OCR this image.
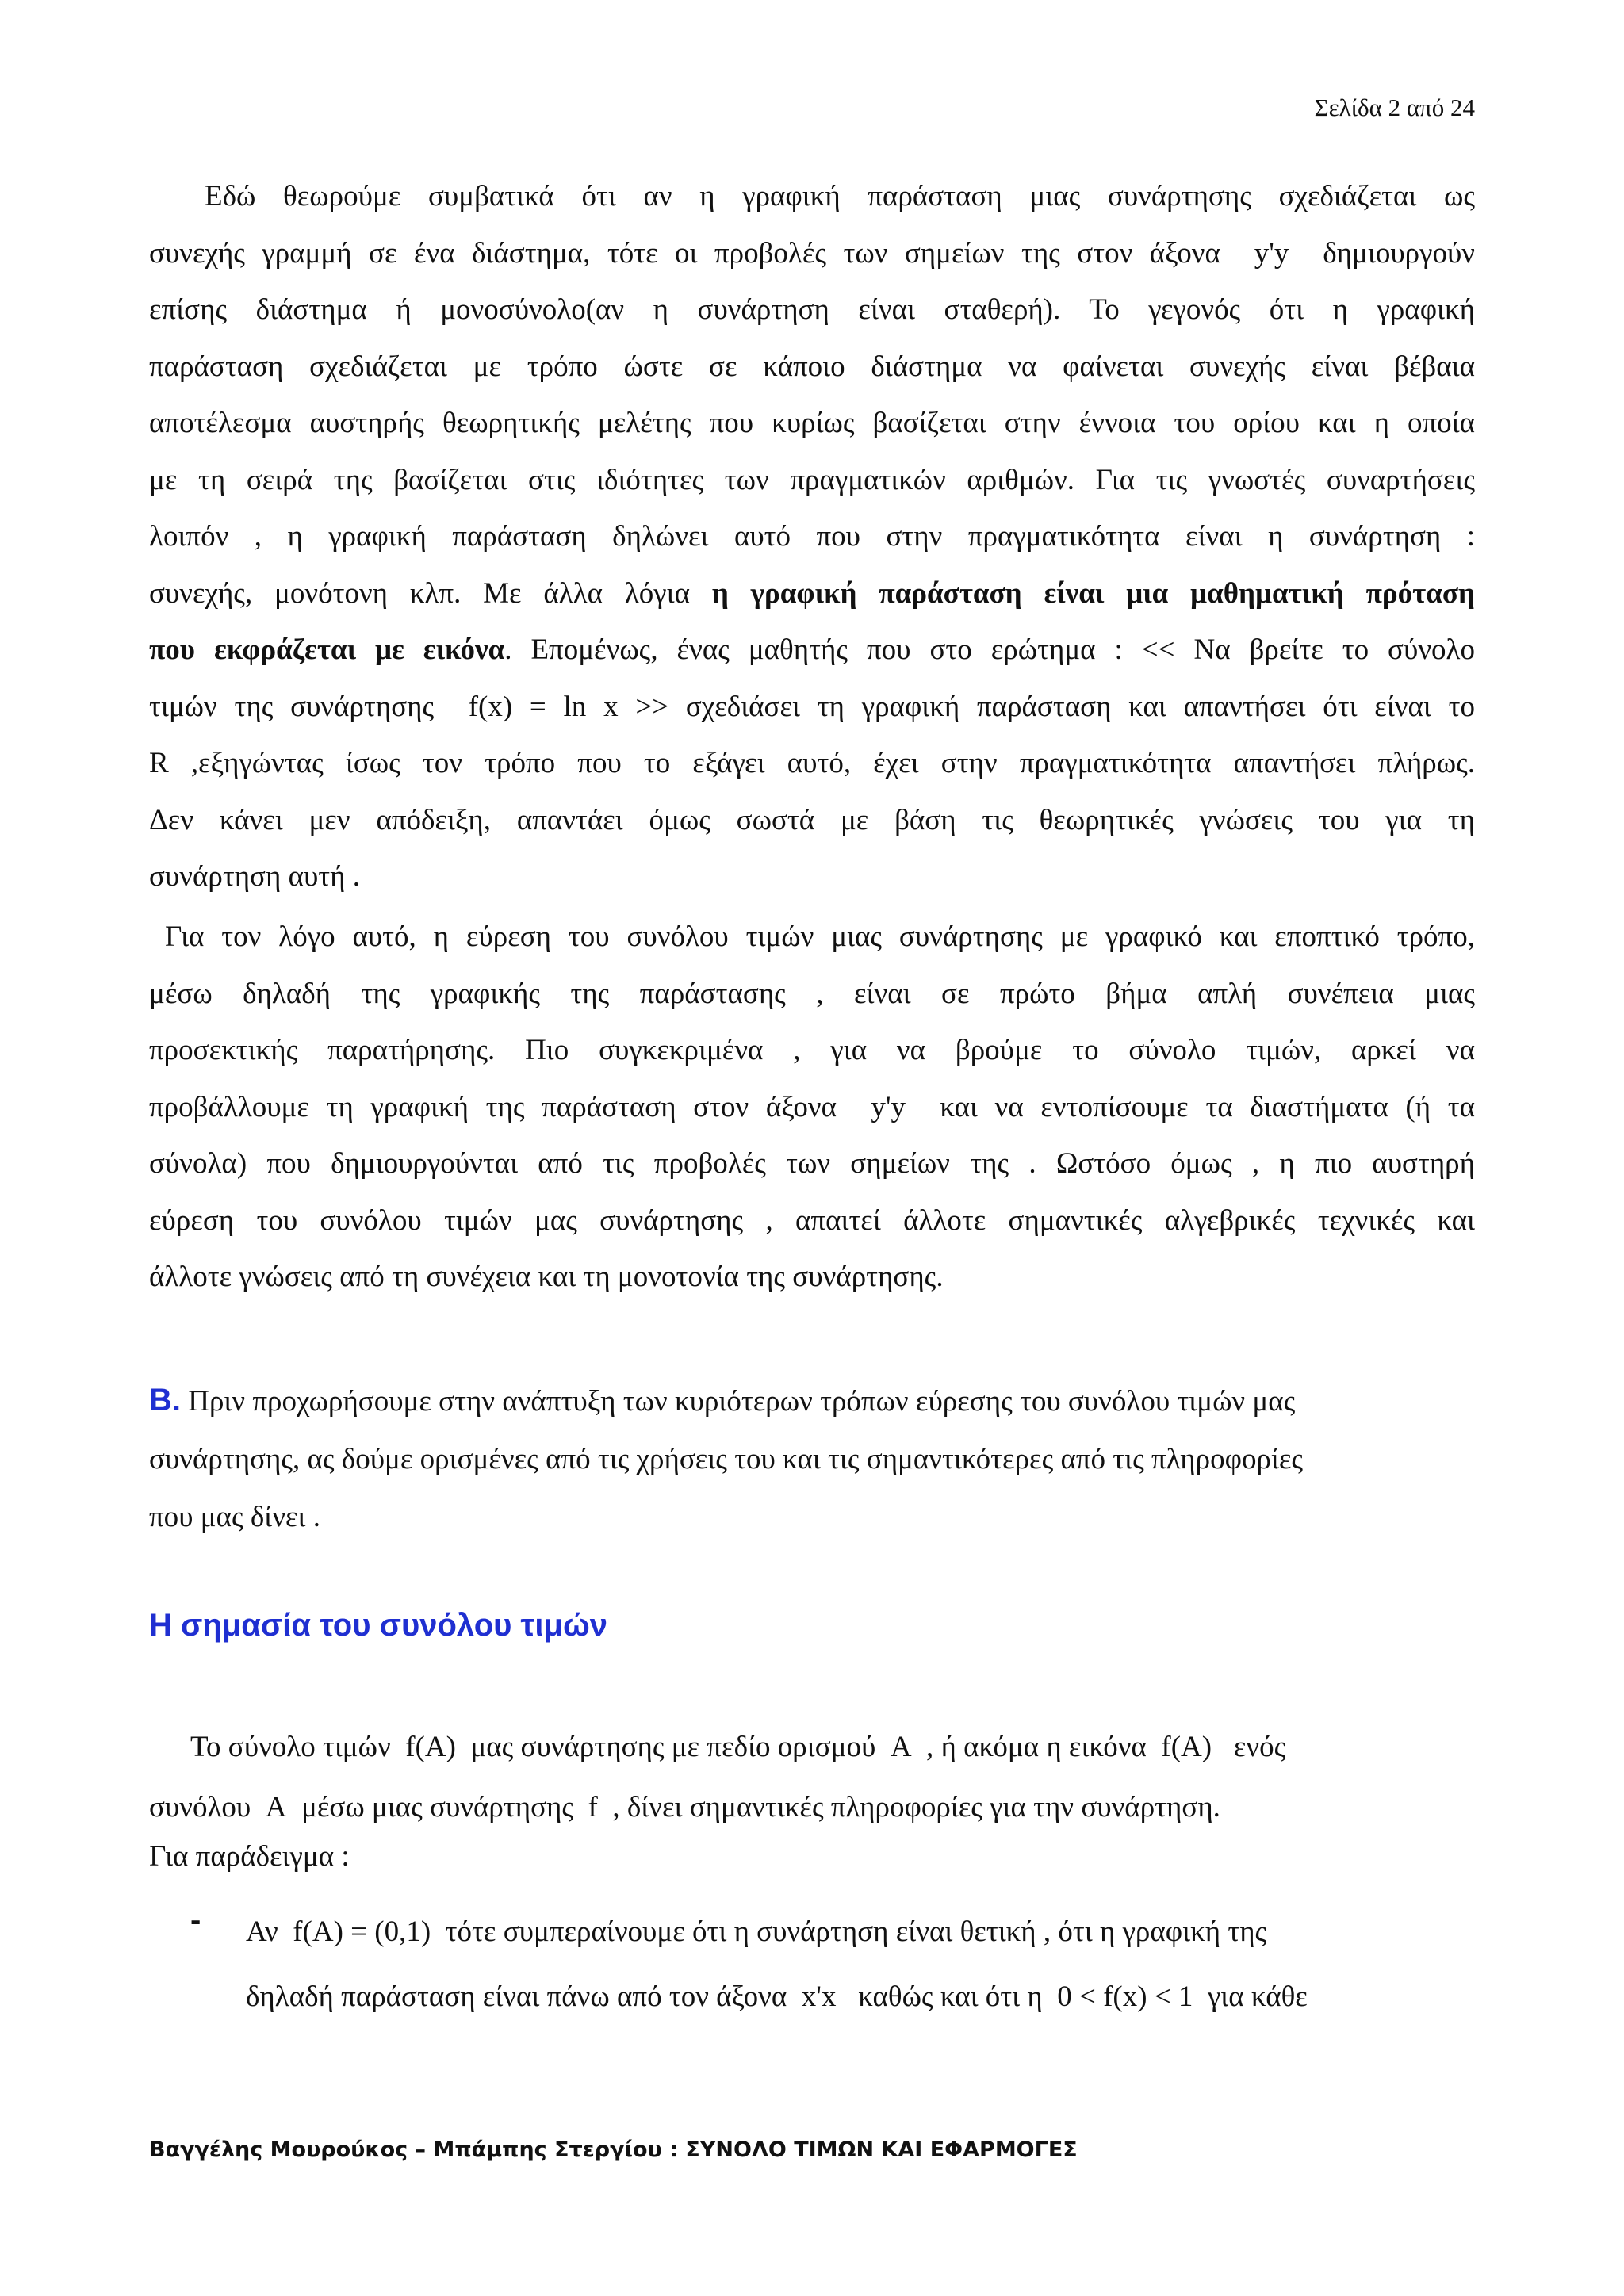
Σελίδα 2 από 24
Εδώ θεωρούμε συμβατικά ότι αν η γραφική παράσταση μιας συνάρτησης σχεδιάζεται ως
συνεχής γραμμή σε ένα διάστημα, τότε οι προβολές των σημείων της στον άξονα y'y δημιουργούν
επίσης διάστημα ή μονοσύνολο(αν η συνάρτηση είναι σταθερή). Το γεγονός ότι η γραφική
παράσταση σχεδιάζεται με τρόπο ώστε σε κάποιο διάστημα να φαίνεται συνεχής είναι βέβαια
αποτέλεσμα αυστηρής θεωρητικής μελέτης που κυρίως βασίζεται στην έννοια του ορίου και η οποία
με τη σειρά της βασίζεται στις ιδιότητες των πραγματικών αριθμών. Για τις γνωστές συναρτήσεις
λοιπόν , η γραφική παράσταση δηλώνει αυτό που στην πραγματικότητα είναι η συνάρτηση :
συνεχής, μονότονη κλπ. Με άλλα λόγια η γραφική παράσταση είναι μια μαθηματική πρόταση
που εκφράζεται με εικόνα. Επομένως, ένας μαθητής που στο ερώτημα : << Να βρείτε το σύνολο
τιμών της συνάρτησης f(x) = ln x >> σχεδιάσει τη γραφική παράσταση και απαντήσει ότι είναι το
R ,εξηγώντας ίσως τον τρόπο που το εξάγει αυτό, έχει στην πραγματικότητα απαντήσει πλήρως.
Δεν κάνει μεν απόδειξη, απαντάει όμως σωστά με βάση τις θεωρητικές γνώσεις του για τη
συνάρτηση αυτή .
Για τον λόγο αυτό, η εύρεση του συνόλου τιμών μιας συνάρτησης με γραφικό και εποπτικό τρόπο,
μέσω δηλαδή της γραφικής της παράστασης , είναι σε πρώτο βήμα απλή συνέπεια μιας
προσεκτικής παρατήρησης. Πιο συγκεκριμένα , για να βρούμε το σύνολο τιμών, αρκεί να
προβάλλουμε τη γραφική της παράσταση στον άξονα y'y και να εντοπίσουμε τα διαστήματα (ή τα
σύνολα) που δημιουργούνται από τις προβολές των σημείων της . Ωστόσο όμως , η πιο αυστηρή
εύρεση του συνόλου τιμών μας συνάρτησης , απαιτεί άλλοτε σημαντικές αλγεβρικές τεχνικές και
άλλοτε γνώσεις από τη συνέχεια και τη μονοτονία της συνάρτησης.
Β. Πριν προχωρήσουμε στην ανάπτυξη των κυριότερων τρόπων εύρεσης του συνόλου τιμών μας
συνάρτησης, ας δούμε ορισμένες από τις χρήσεις του και τις σημαντικότερες από τις πληροφορίες
που μας δίνει .
Η σημασία του συνόλου τιμών
Το σύνολο τιμών f(A) μας συνάρτησης με πεδίο ορισμού A , ή ακόμα η εικόνα f(A) ενός
συνόλου A μέσω μιας συνάρτησης f , δίνει σημαντικές πληροφορίες για την συνάρτηση.
Για παράδειγμα :
- Αν f(A) = (0,1) τότε συμπεραίνουμε ότι η συνάρτηση είναι θετική , ότι η γραφική της
δηλαδή παράσταση είναι πάνω από τον άξονα x'x καθώς και ότι η 0 < f(x) < 1 για κάθε
Βαγγέλης Μουρούκος – Μπάμπης Στεργίου : ΣΥΝΟΛΟ ΤΙΜΩΝ ΚΑΙ ΕΦΑΡΜΟΓΕΣ
